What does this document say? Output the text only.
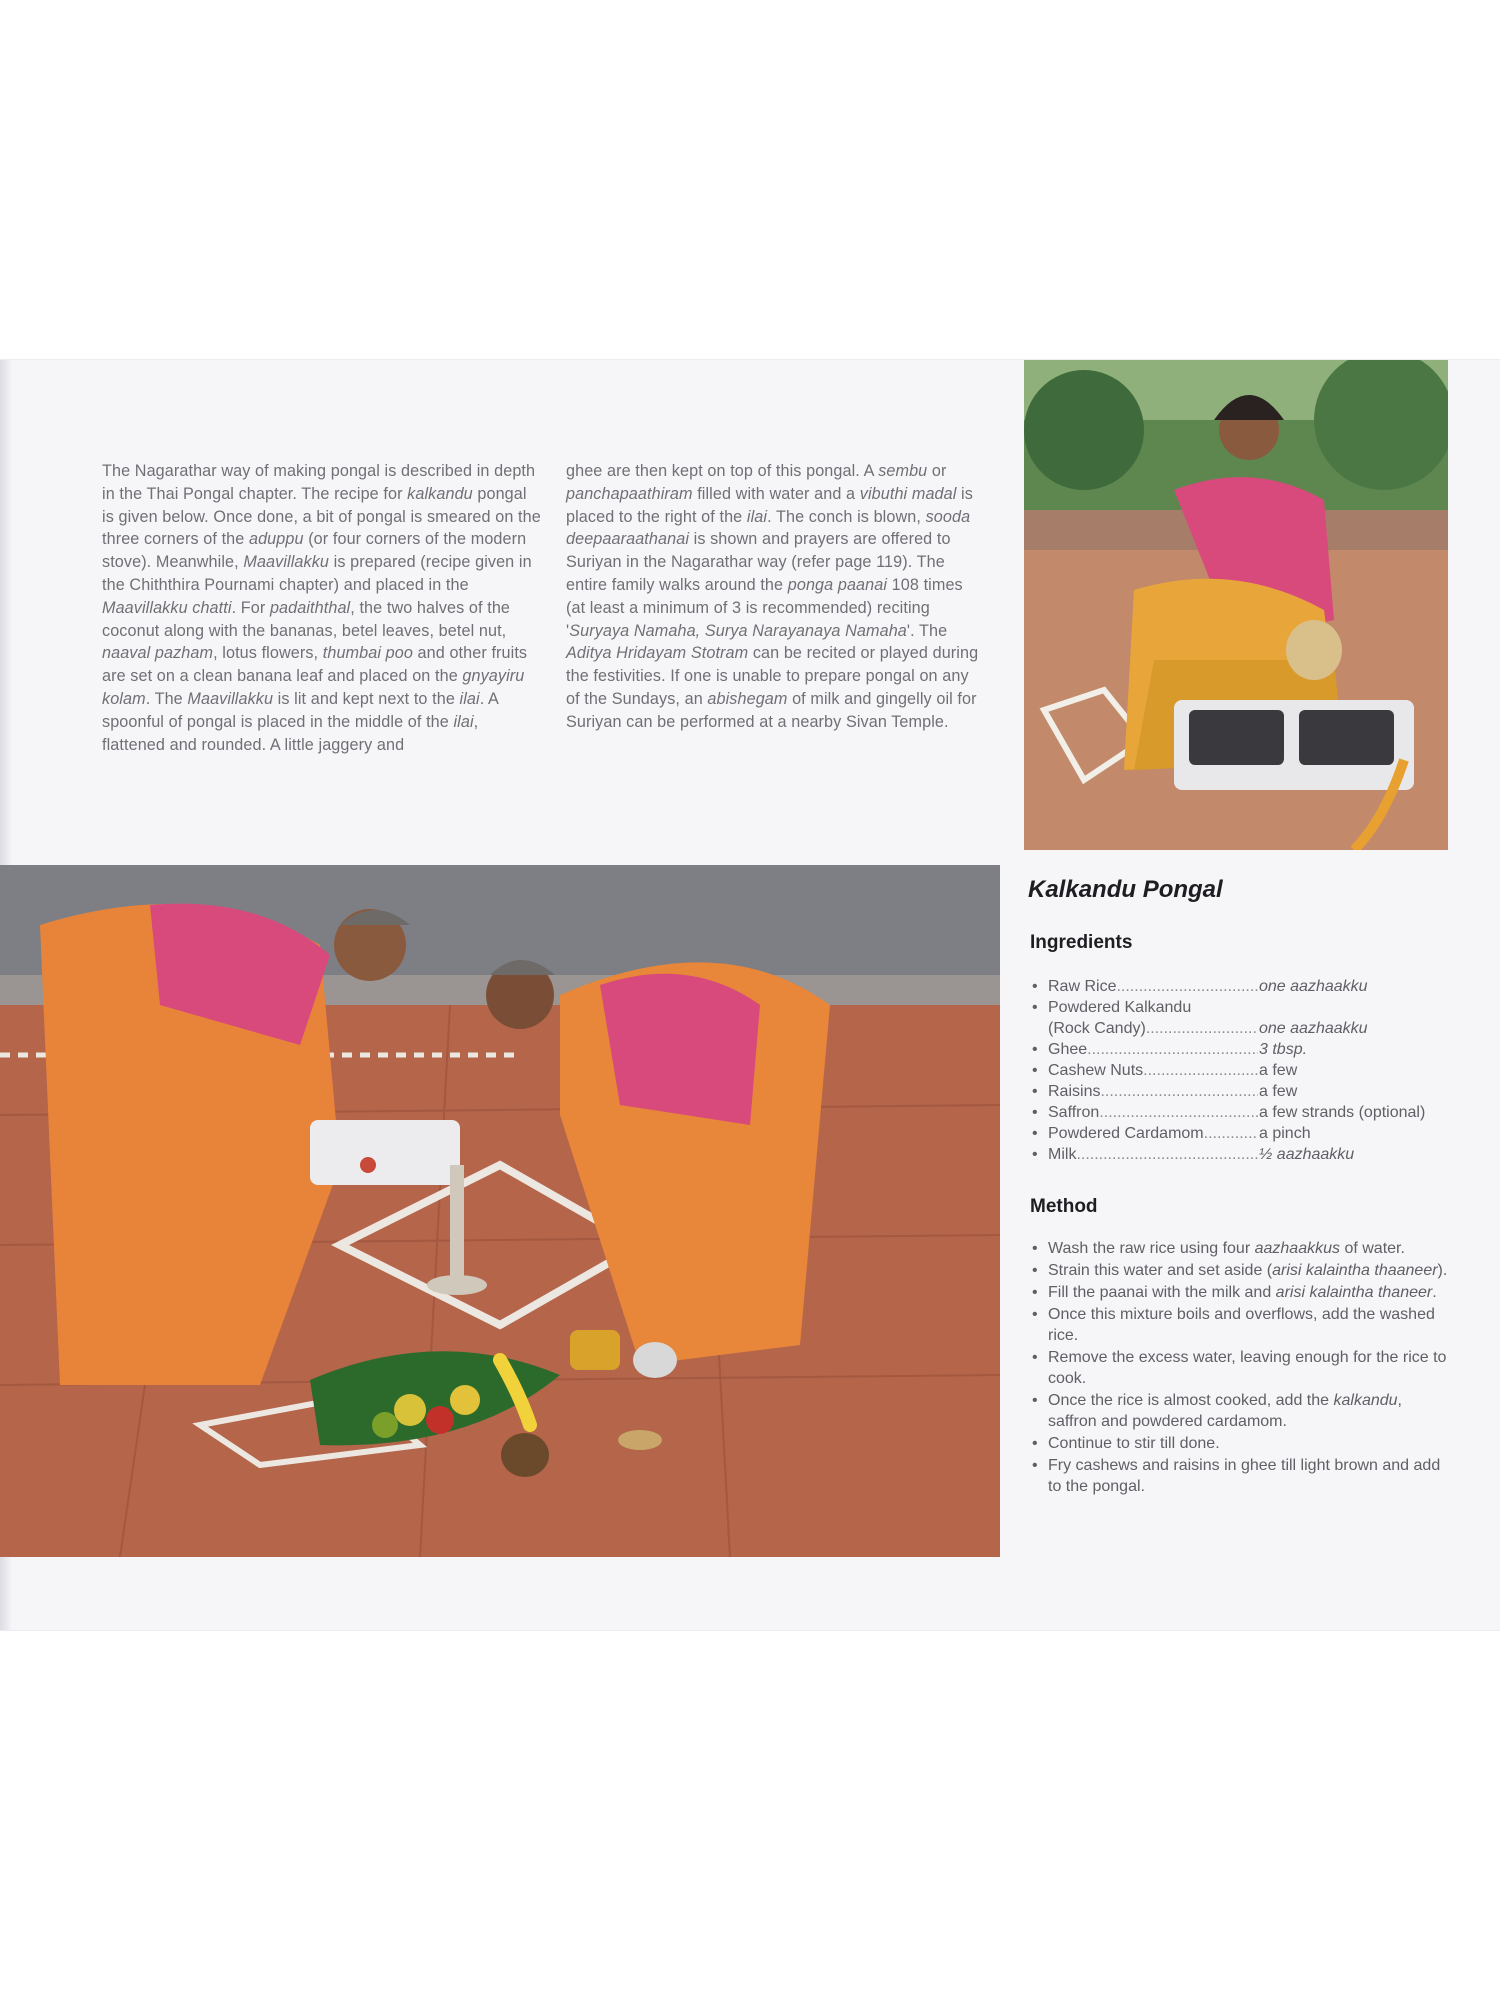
The Nagarathar way of making pongal is described in depth in the Thai Pongal chapter. The recipe for kalkandu pongal is given below. Once done, a bit of pongal is smeared on the three corners of the aduppu (or four corners of the modern stove). Meanwhile, Maavillakku is prepared (recipe given in the Chiththira Pournami chapter) and placed in the Maavillakku chatti. For padaiththal, the two halves of the coconut along with the bananas, betel leaves, betel nut, naaval pazham, lotus flowers, thumbai poo and other fruits are set on a clean banana leaf and placed on the gnyayiru kolam. The Maavillakku is lit and kept next to the ilai. A spoonful of pongal is placed in the middle of the ilai, flattened and rounded. A little jaggery and

ghee are then kept on top of this pongal. A sembu or panchapaathiram filled with water and a vibuthi madal is placed to the right of the ilai. The conch is blown, sooda deepaaraathanai is shown and prayers are offered to Suriyan in the Nagarathar way (refer page 119). The entire family walks around the ponga paanai 108 times (at least a minimum of 3 is recommended) reciting 'Suryaya Namaha, Surya Narayanaya Namaha'. The Aditya Hridayam Stotram can be recited or played during the festivities. If one is unable to prepare pongal on any of the Sundays, an abishegam of milk and gingelly oil for Suriyan can be performed at a nearby Sivan Temple.

Kalkandu Pongal
Ingredients
• Raw Rice .....	one aazhaakku
• Powdered Kalkandu
(Rock Candy) .....	one aazhaakku
• Ghee .....	3 tbsp.
• Cashew Nuts .....	a few
• Raisins .....	a few
• Saffron .....	a few strands (optional)
• Powdered Cardamom .....	a pinch
• Milk .....	½ aazhaakku
Method
• Wash the raw rice using four aazhaakkus of water.
• Strain this water and set aside (arisi kalaintha thaaneer).
• Fill the paanai with the milk and arisi kalaintha thaneer.
• Once this mixture boils and overflows, add the washed rice.
• Remove the excess water, leaving enough for the rice to cook.
• Once the rice is almost cooked, add the kalkandu, saffron and powdered cardamom.
• Continue to stir till done.
• Fry cashews and raisins in ghee till light brown and add to the pongal.
